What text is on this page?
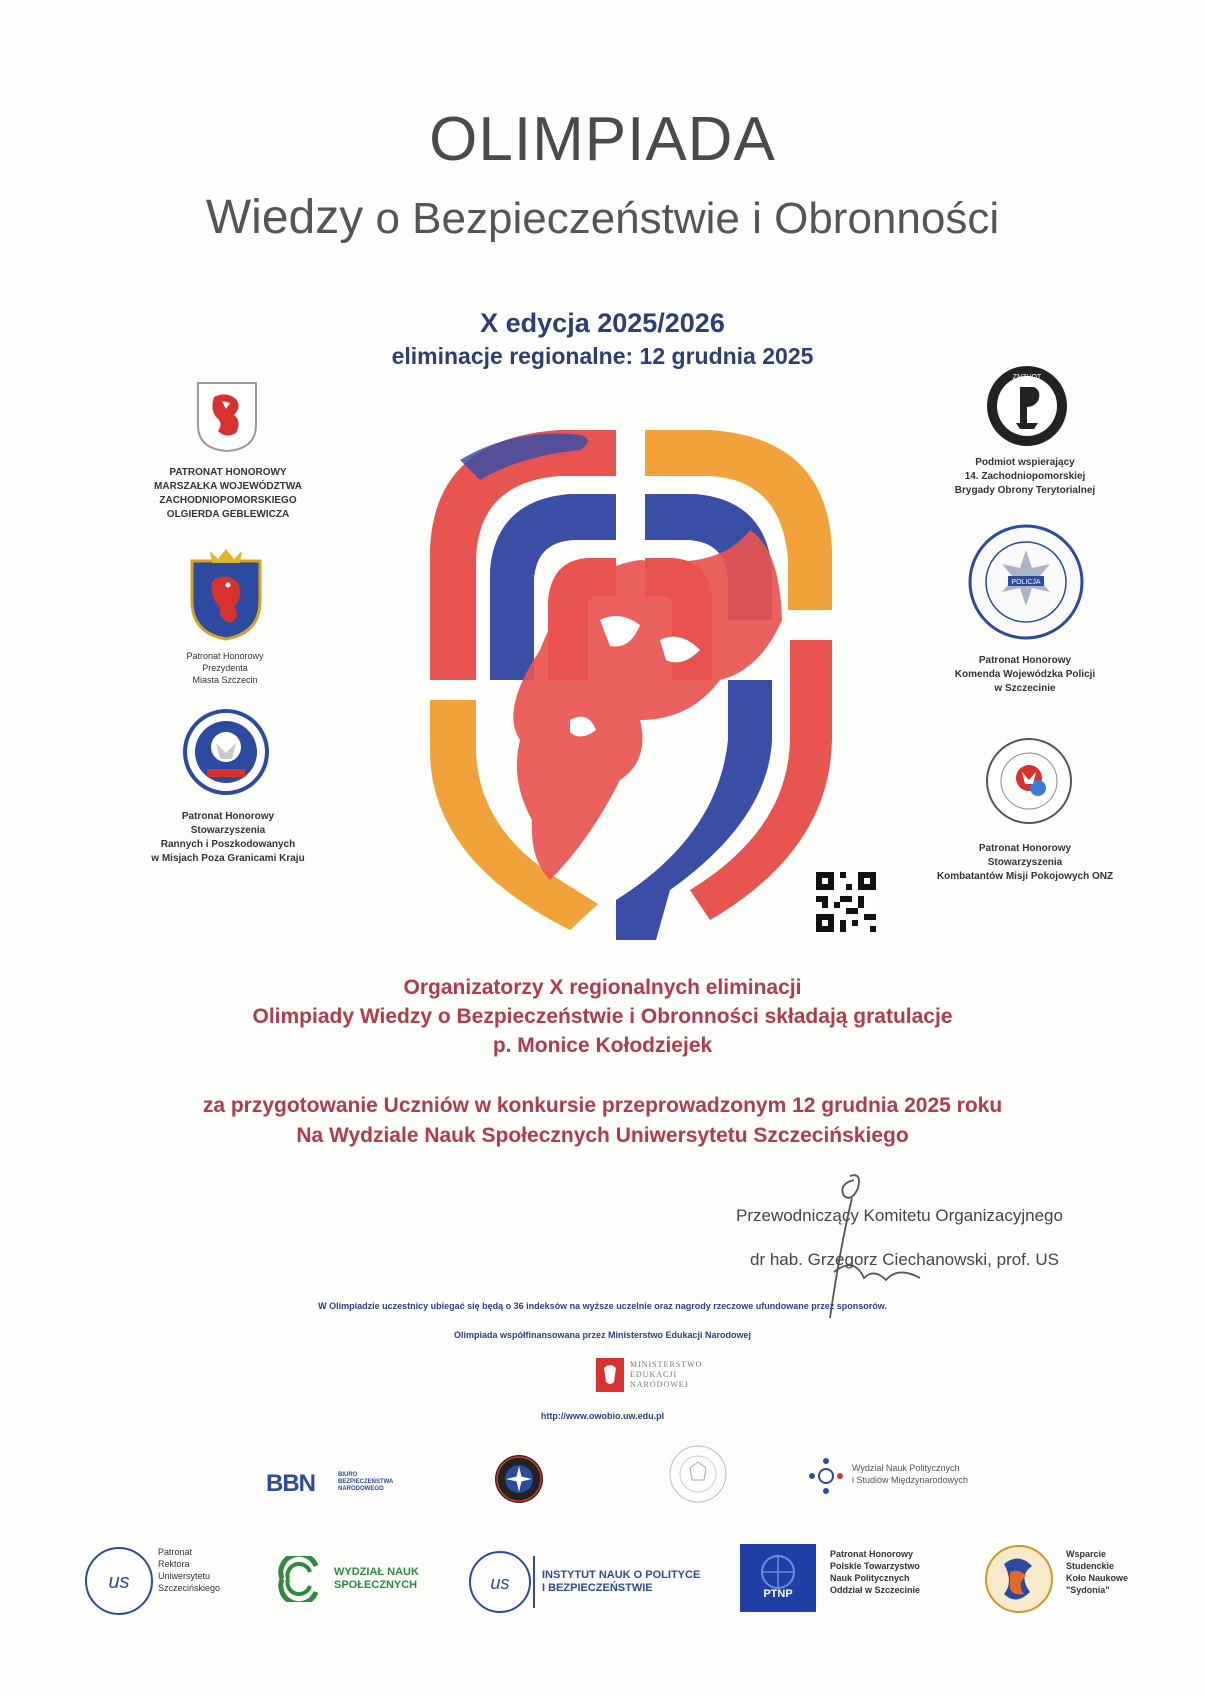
OLIMPIADA
Wiedzy o Bezpieczeństwie i Obronności
X edycja 2025/2026
eliminacje regionalne: 12 grudnia 2025
PATRONAT HONOROWY
MARSZAŁKA WOJEWÓDZTWA
ZACHODNIOPOMORSKIEGO
OLGIERDA GEBLEWICZA
Patronat Honorowy
Prezydenta
Miasta Szczecin
Patronat Honorowy
Stowarzyszenia
Rannych i Poszkodowanych
w Misjach Poza Granicami Kraju
ZNZHOT
Podmiot wspierający
14. Zachodniopomorskiej
Brygady Obrony Terytorialnej
POLICJA
Patronat Honorowy
Komenda Wojewódzka Policji
w Szczecinie
Patronat Honorowy
Stowarzyszenia
Kombatantów Misji Pokojowych ONZ
Organizatorzy X regionalnych eliminacji
Olimpiady Wiedzy o Bezpieczeństwie i Obronności składają gratulacje
p. Monice Kołodziejek
za przygotowanie Uczniów w konkursie przeprowadzonym 12 grudnia 2025 roku
Na Wydziale Nauk Społecznych Uniwersytetu Szczecińskiego
Przewodniczący Komitetu Organizacyjnego
dr hab. Grzegorz Ciechanowski, prof. US
W Olimpiadzie uczestnicy ubiegać się będą o 36 indeksów na wyższe uczelnie oraz nagrody rzeczowe ufundowane przez sponsorów.
Olimpiada współfinansowana przez Ministerstwo Edukacji Narodowej
MINISTERSTWO
EDUKACJI
NARODOWEJ
http://www.owobio.uw.edu.pl
BBN	BIURO
BEZPIECZEŃSTWA
NARODOWEGO
Wydział Nauk Politycznych
i Studiów Międzynarodowych
us
Patronat
Rektora
Uniwersytetu
Szczecińskiego
WYDZIAŁ NAUK
SPOŁECZNYCH	us	INSTYTUT NAUK O POLITYCE
I BEZPIECZEŃSTWIE	PTNP
Patronat Honorowy
Polskie Towarzystwo
Nauk Politycznych
Oddział w Szczecinie
Wsparcie
Studenckie
Koło Naukowe
"Sydonia"
